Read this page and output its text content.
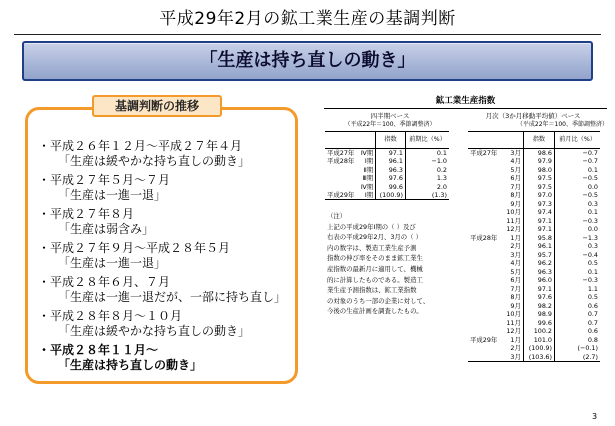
平成29年2月の鉱工業生産の基調判断
「生産は持ち直しの動き」
基調判断の推移
・平成２６年１２月～平成２７年４月
「生産は緩やかな持ち直しの動き」
・平成２７年５月～７月
「生産は一進一退」
・平成２７年８月
「生産は弱含み」
・平成２７年９月～平成２８年５月
「生産は一進一退」
・平成２８年６月、７月
「生産は一進一退だが、一部に持ち直し」
・平成２８年８月～１０月
「生産は緩やかな持ち直しの動き」
・平成２８年１１月～
「生産は持ち直しの動き」
鉱工業生産指数
四半期ベース	月次（3か月移動平均値）ベース
（平成22年＝100、季節調整済）	（平成22年＝100、季節調整済）
		指数	前期比（%）
平成27年	Ⅳ期	97.1	0.1
平成28年	Ⅰ期	96.1	−1.0
	Ⅱ期	96.3	0.2
	Ⅲ期	97.6	1.3
	Ⅳ期	99.6	2.0
平成29年	Ⅰ期	(100.9)	(1.3)
		指数	前月比（%）
平成27年	3月	98.6	−0.7
	4月	97.9	−0.7
	5月	98.0	0.1
	6月	97.5	−0.5
	7月	97.5	0.0
	8月	97.0	−0.5
	9月	97.3	0.3
	10月	97.4	0.1
	11月	97.1	−0.3
	12月	97.1	0.0
平成28年	1月	95.8	−1.3
	2月	96.1	0.3
	3月	95.7	−0.4
	4月	96.2	0.5
	5月	96.3	0.1
	6月	96.0	−0.3
	7月	97.1	1.1
	8月	97.6	0.5
	9月	98.2	0.6
	10月	98.9	0.7
	11月	99.6	0.7
	12月	100.2	0.6
平成29年	1月	101.0	0.8
	2月	(100.9)	(−0.1)
	3月	(103.6)	(2.7)
（注）
上記の平成29年Ⅰ期の（ ）及び
右表の平成29年2月、3月の（ ）
内の数字は、製造工業生産予測
指数の伸び率をそのまま鉱工業生
産指数の最新月に適用して、機械
的に計算したものである。製造工
業生産予測指数は、鉱工業指数
の対象のうち一部の企業に対して、
今後の生産計画を調査したもの。
3
